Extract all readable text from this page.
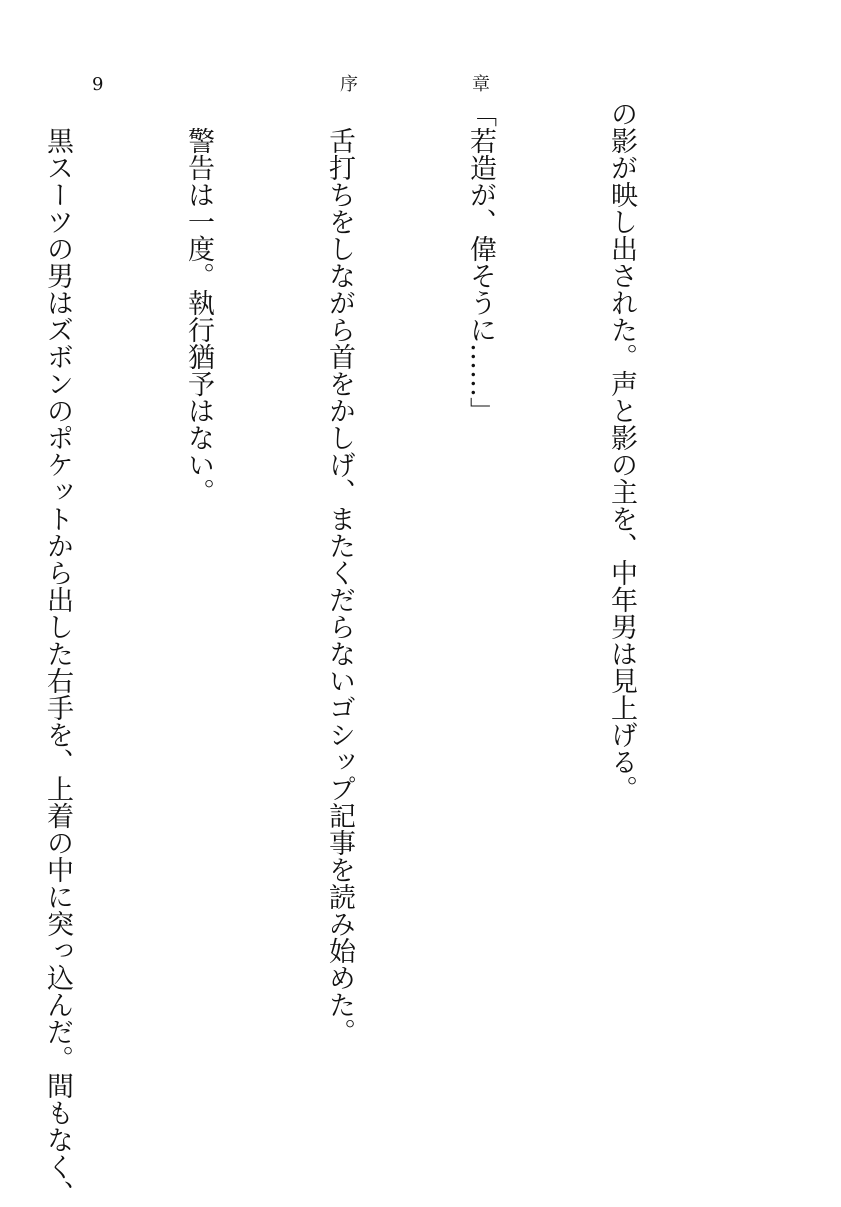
9	序	章

の影が映し出された。声と影の主を、中年男は見上げる。

「若造が、偉そうに……」

　舌打ちをしながら首をかしげ、またくだらないゴシップ記事を読み始めた。

　警告は一度。執行猶予はない。

　黒スーツの男はズボンのポケットから出した右手を、上着の中に突っ込んだ。間もなく、
